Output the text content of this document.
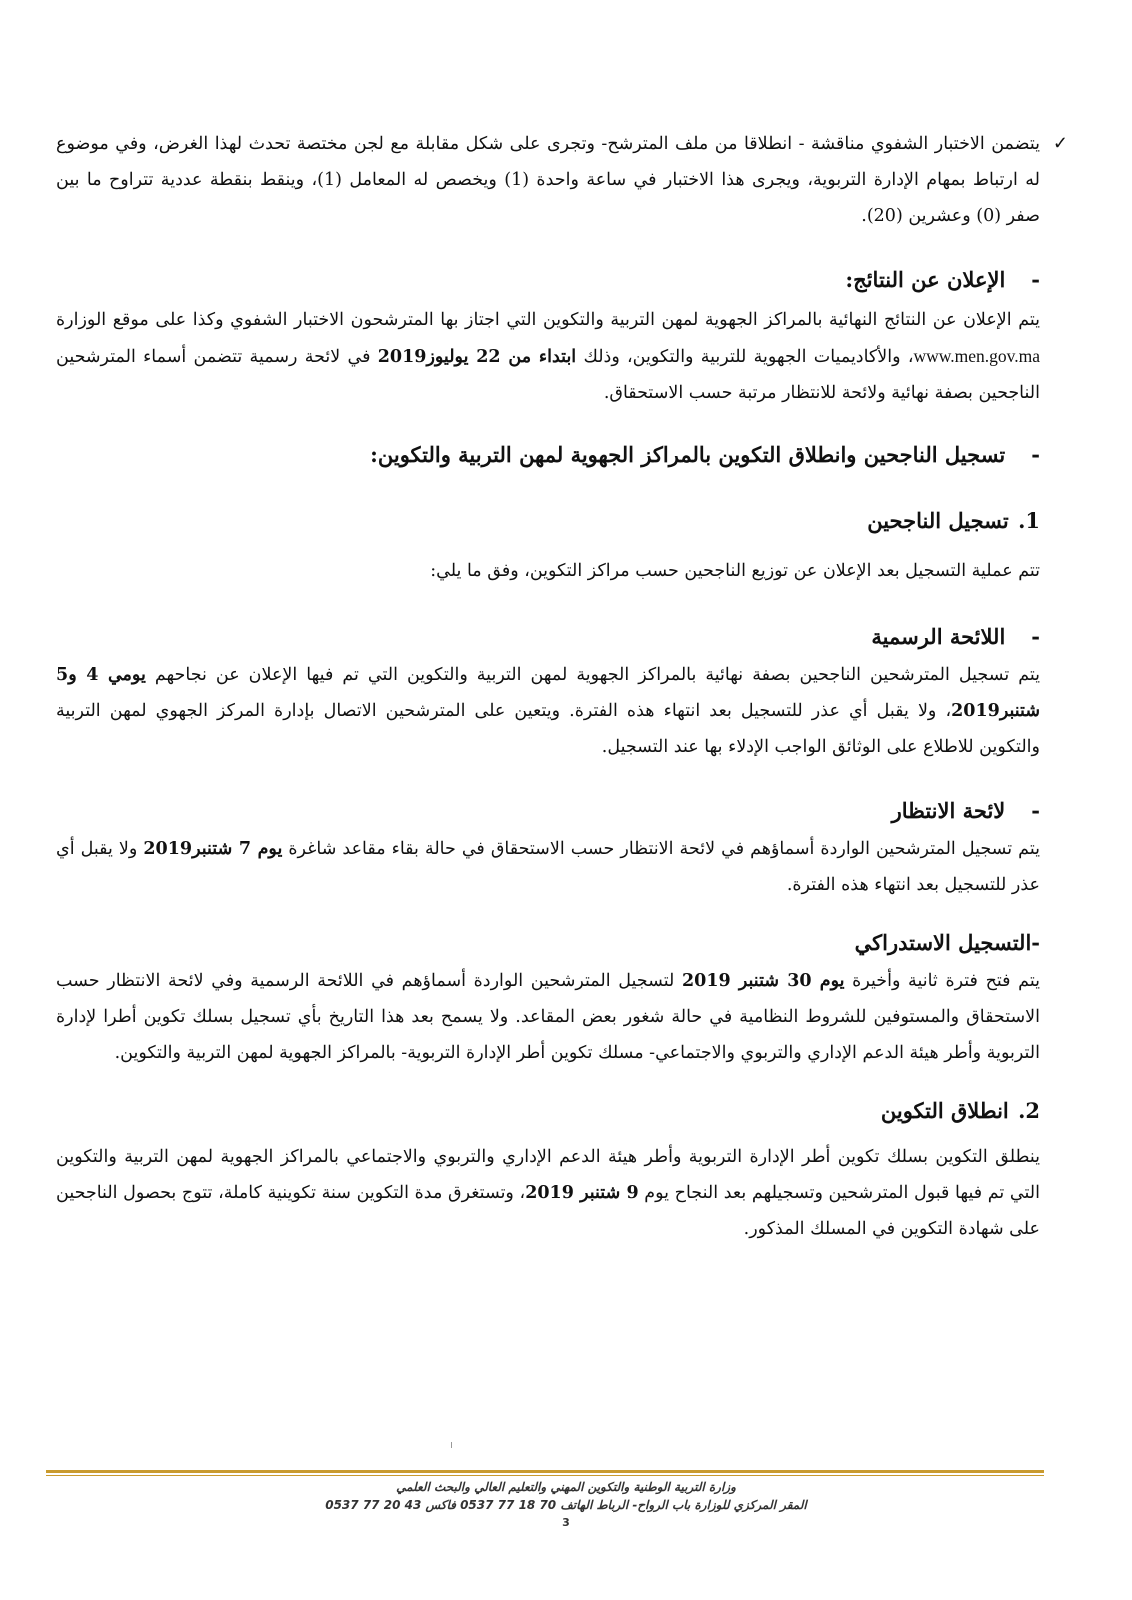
✓
يتضمن الاختبار الشفوي مناقشة - انطلاقا من ملف المترشح- وتجرى على شكل مقابلة مع لجن مختصة تحدث لهذا الغرض، وفي موضوع له ارتباط بمهام الإدارة التربوية، ويجرى هذا الاختبار في ساعة واحدة (1) ويخصص له المعامل (1)، وينقط بنقطة عددية تتراوح ما بين صفر (0) وعشرين (20).

-الإعلان عن النتائج:

يتم الإعلان عن النتائج النهائية بالمراكز الجهوية لمهن التربية والتكوين التي اجتاز بها المترشحون الاختبار الشفوي وكذا على موقع الوزارة www.men.gov.ma، والأكاديميات الجهوية للتربية والتكوين، وذلك ابتداء من 22 يوليوز2019 في لائحة رسمية تتضمن أسماء المترشحين الناجحين بصفة نهائية ولائحة للانتظار مرتبة حسب الاستحقاق.

-تسجيل الناجحين وانطلاق التكوين بالمراكز الجهوية لمهن التربية والتكوين:
1. تسجيل الناجحين

تتم عملية التسجيل بعد الإعلان عن توزيع الناجحين حسب مراكز التكوين، وفق ما يلي:

-اللائحة الرسمية

يتم تسجيل المترشحين الناجحين بصفة نهائية بالمراكز الجهوية لمهن التربية والتكوين التي تم فيها الإعلان عن نجاحهم يومي 4 و5 شتنبر2019، ولا يقبل أي عذر للتسجيل بعد انتهاء هذه الفترة. ويتعين على المترشحين الاتصال بإدارة المركز الجهوي لمهن التربية والتكوين للاطلاع على الوثائق الواجب الإدلاء بها عند التسجيل.

-لائحة الانتظار

يتم تسجيل المترشحين الواردة أسماؤهم في لائحة الانتظار حسب الاستحقاق في حالة بقاء مقاعد شاغرة يوم 7 شتنبر2019 ولا يقبل أي عذر للتسجيل بعد انتهاء هذه الفترة.

-التسجيل الاستدراكي

يتم فتح فترة ثانية وأخيرة يوم 30 شتنبر 2019 لتسجيل المترشحين الواردة أسماؤهم في اللائحة الرسمية وفي لائحة الانتظار حسب الاستحقاق والمستوفين للشروط النظامية في حالة شغور بعض المقاعد. ولا يسمح بعد هذا التاريخ بأي تسجيل بسلك تكوين أطرا لإدارة التربوية وأطر هيئة الدعم الإداري والتربوي والاجتماعي- مسلك تكوين أطر الإدارة التربوية- بالمراكز الجهوية لمهن التربية والتكوين.

2. انطلاق التكوين

ينطلق التكوين بسلك تكوين أطر الإدارة التربوية وأطر هيئة الدعم الإداري والتربوي والاجتماعي بالمراكز الجهوية لمهن التربية والتكوين التي تم فيها قبول المترشحين وتسجيلهم بعد النجاح يوم 9 شتنبر 2019، وتستغرق مدة التكوين سنة تكوينية كاملة، تتوج بحصول الناجحين على شهادة التكوين في المسلك المذكور.

وزارة التربية الوطنية والتكوين المهني والتعليم العالي والبحث العلمي
المقر المركزي للوزارة باب الرواح- الرباط الهاتف 70 18 77 0537 فاكس 43 20 77 0537
3
